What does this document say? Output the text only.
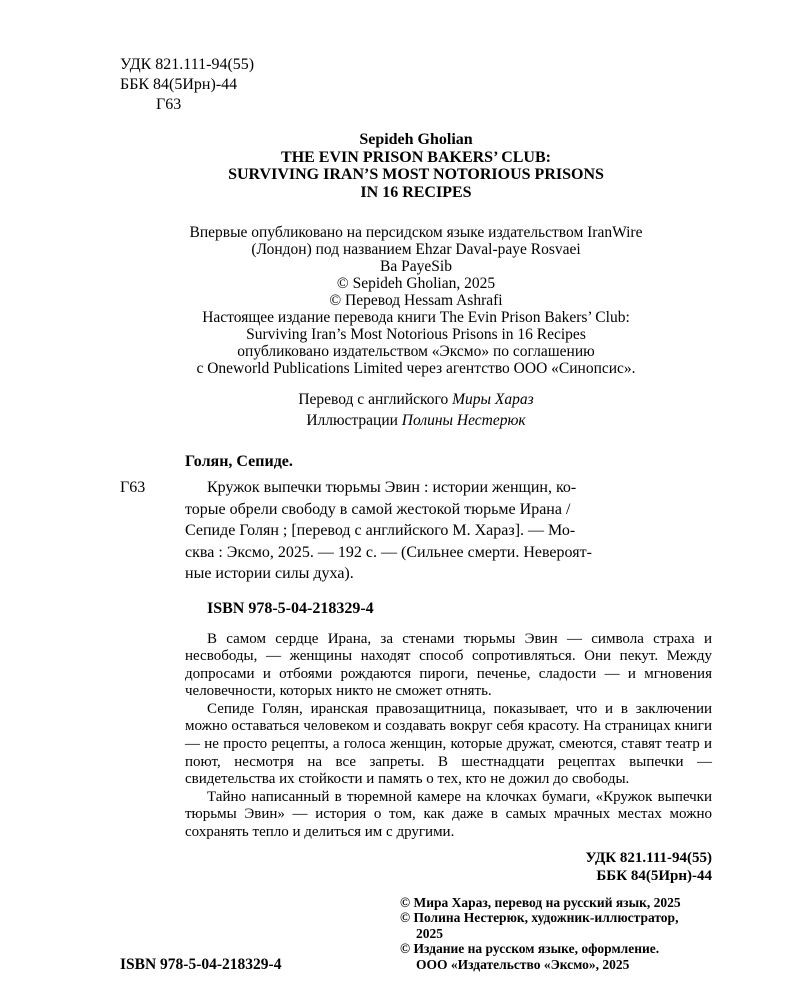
УДК 821.111-94(55)
ББК 84(5Ирн)-44
Г63
Sepideh Gholian
THE EVIN PRISON BAKERS’ CLUB:
SURVIVING IRAN’S MOST NOTORIOUS PRISONS
IN 16 RECIPES
Впервые опубликовано на персидском языке издательством IranWire
(Лондон) под названием Ehzar Daval-paye Rosvaei
Ba PayeSib
© Sepideh Gholian, 2025
© Перевод Hessam Ashrafi
Настоящее издание перевода книги The Evin Prison Bakers’ Club:
Surviving Iran’s Most Notorious Prisons in 16 Recipes
опубликовано издательством «Эксмо» по соглашению
с Oneworld Publications Limited через агентство ООО «Синопсис».
Перевод с английского Миры Хараз
Иллюстрации Полины Нестерюк
Голян, Сепиде.
Г63	Кружок выпечки тюрьмы Эвин : истории женщин, ко-
торые обрели свободу в самой жестокой тюрьме Ирана /
Сепиде Голян ; [перевод с английского М. Хараз]. — Мо-
сква : Эксмо, 2025. — 192 с. — (Сильнее смерти. Невероят-
ные истории силы духа).
ISBN 978-5-04-218329-4

В самом сердце Ирана, за стенами тюрьмы Эвин — символа страха и несвободы, — женщины находят способ сопротивляться. Они пекут. Между допросами и отбоями рождаются пироги, печенье, сладости — и мгновения человечности, которых никто не сможет отнять.

Сепиде Голян, иранская правозащитница, показывает, что и в заключении можно оставаться человеком и создавать вокруг себя красоту. На страницах книги — не просто рецепты, а голоса женщин, которые дружат, смеются, ставят театр и поют, несмотря на все запреты. В шестнадцати рецептах выпечки — свидетельства их стойкости и память о тех, кто не дожил до свободы.

Тайно написанный в тюремной камере на клочках бумаги, «Кружок выпечки тюрьмы Эвин» — история о том, как даже в самых мрачных местах можно сохранять тепло и делиться им с другими.

УДК 821.111-94(55)
ББК 84(5Ирн)-44
ISBN 978-5-04-218329-4
© Мира Хараз, перевод на русский язык, 2025
© Полина Нестерюк, художник-иллюстратор,
2025
© Издание на русском языке, оформление.
ООО «Издательство «Эксмо», 2025
